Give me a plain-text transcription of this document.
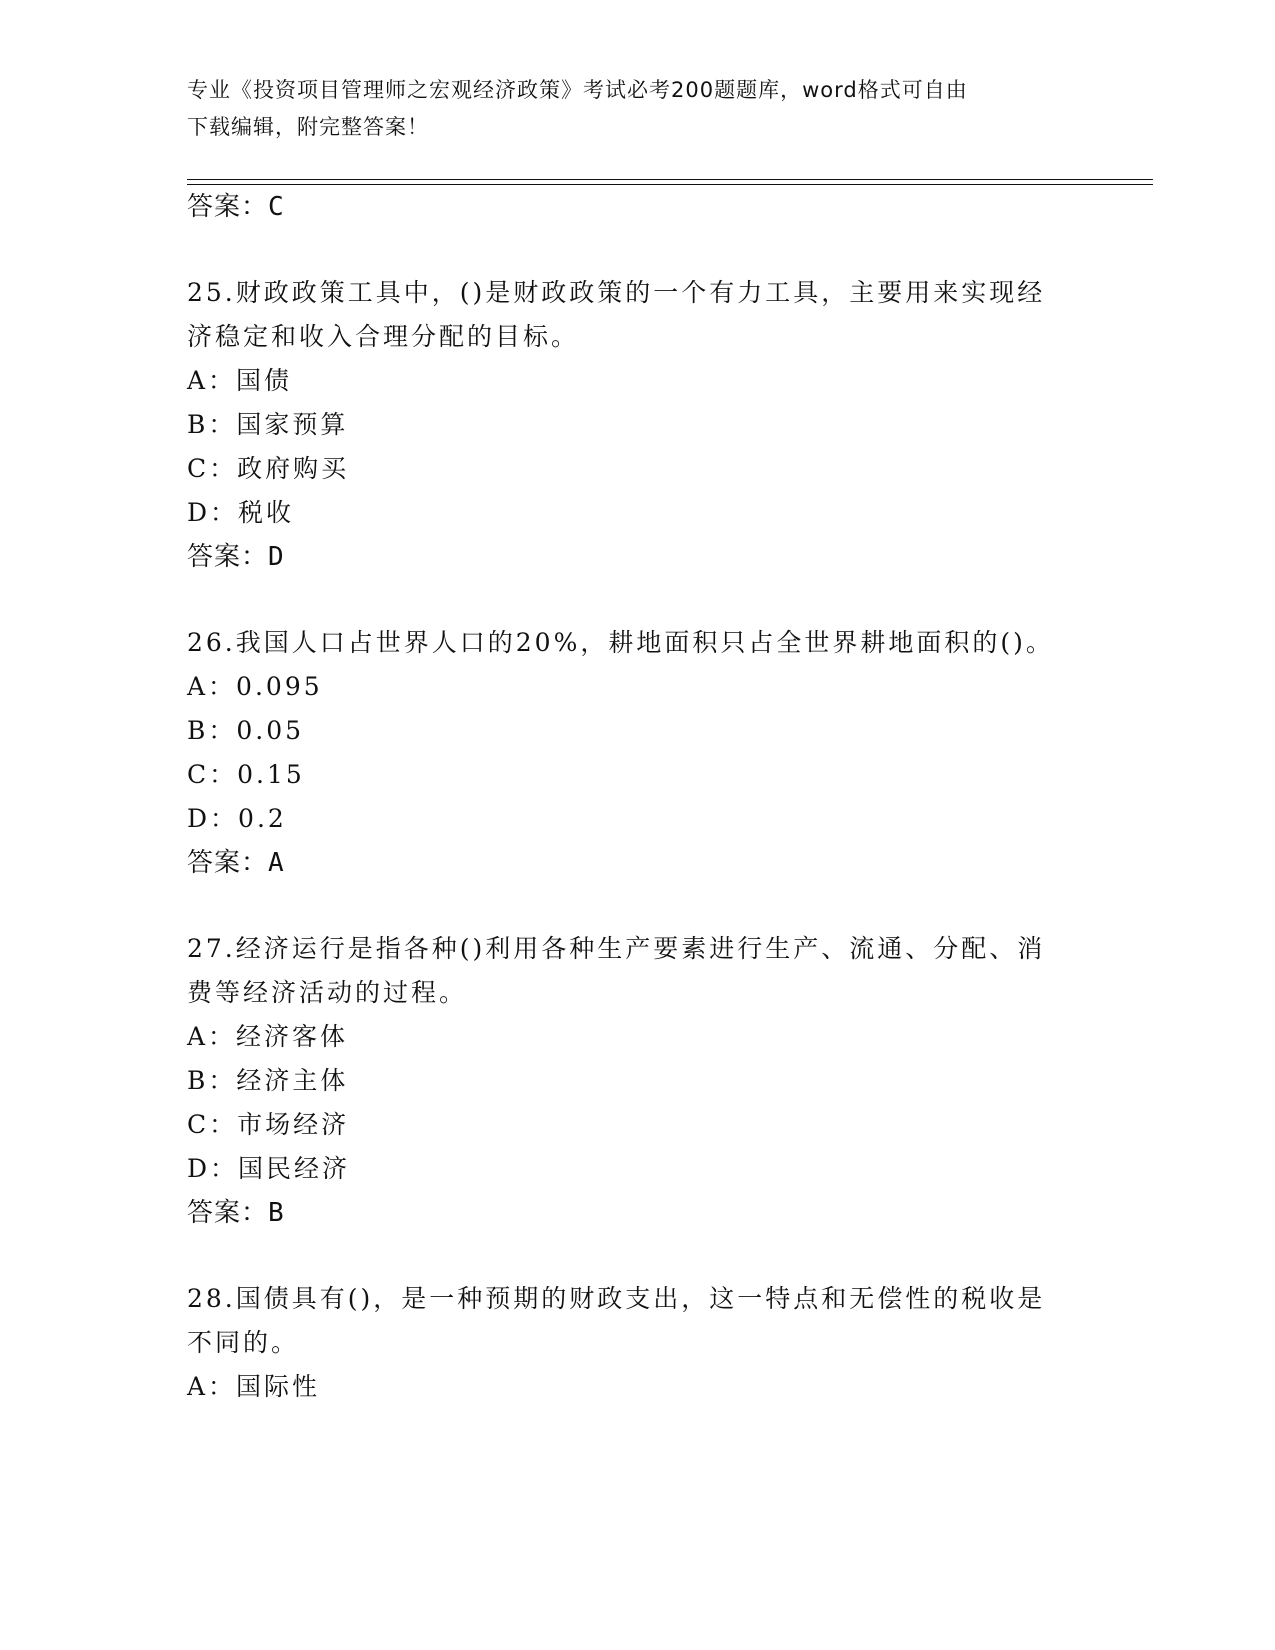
专业《投资项目管理师之宏观经济政策》考试必考200题题库，word格式可自由
下载编辑，附完整答案！
答案：C
25.财政政策工具中，()是财政政策的一个有力工具，主要用来实现经
济稳定和收入合理分配的目标。
A：国债
B：国家预算
C：政府购买
D：税收
答案：D
26.我国人口占世界人口的20%，耕地面积只占全世界耕地面积的()。
A：0.095
B：0.05
C：0.15
D：0.2
答案：A
27.经济运行是指各种()利用各种生产要素进行生产、流通、分配、消
费等经济活动的过程。
A：经济客体
B：经济主体
C：市场经济
D：国民经济
答案：B
28.国债具有()，是一种预期的财政支出，这一特点和无偿性的税收是
不同的。
A：国际性
